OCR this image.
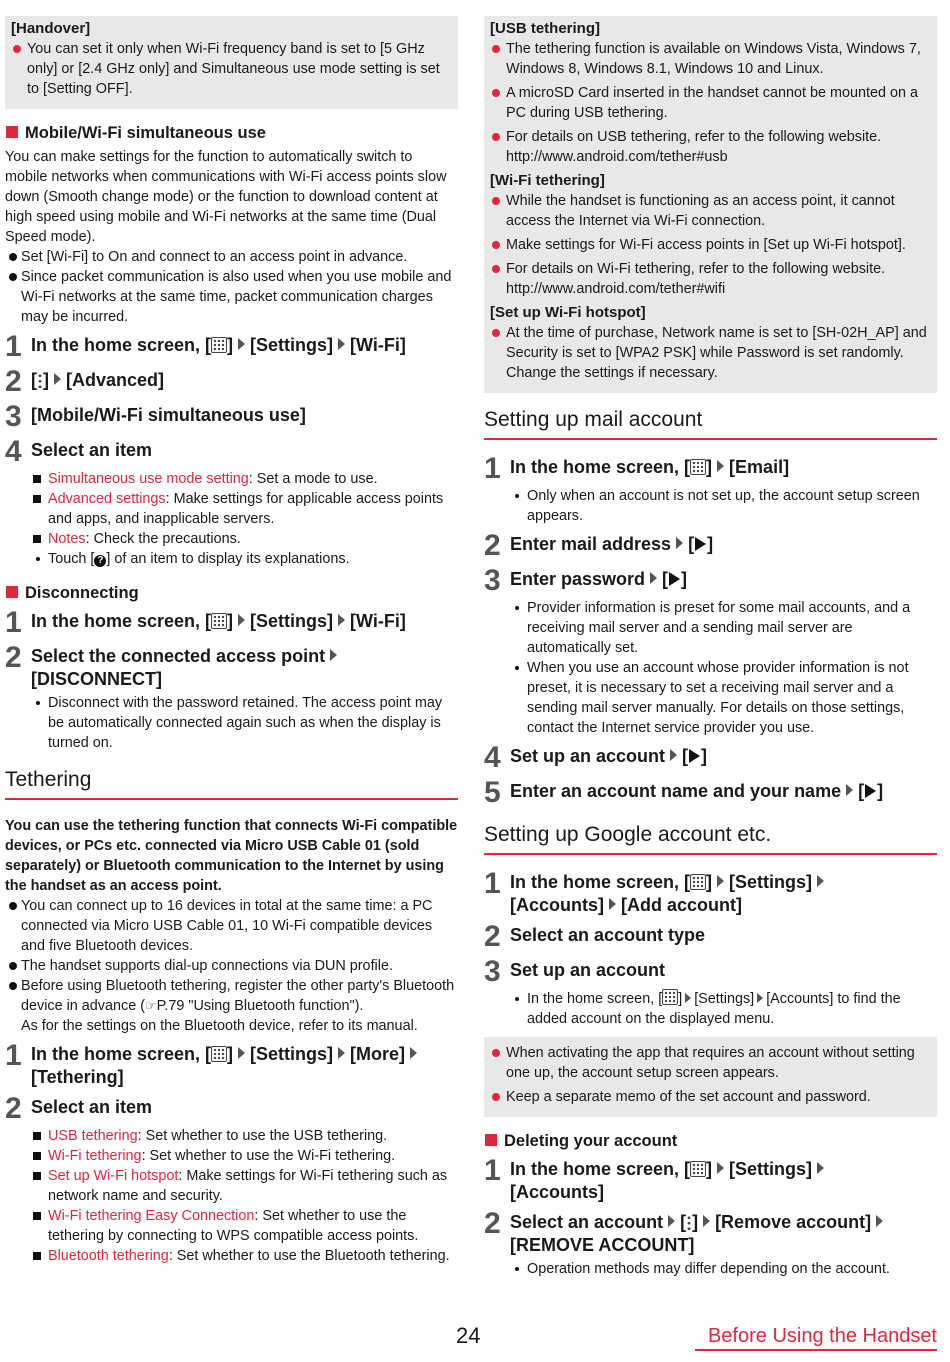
[Handover]
You can set it only when Wi-Fi frequency band is set to [5 GHz only] or [2.4 GHz only] and Simultaneous use mode setting is set to [Setting OFF].
Mobile/Wi-Fi simultaneous use
You can make settings for the function to automatically switch to mobile networks when communications with Wi-Fi access points slow down (Smooth change mode) or the function to download content at high speed using mobile and Wi-Fi networks at the same time (Dual Speed mode).
Set [Wi-Fi] to On and connect to an access point in advance.
Since packet communication is also used when you use mobile and Wi-Fi networks at the same time, packet communication charges may be incurred.
1 In the home screen, [ ] [Settings] [Wi-Fi]
2 [ ] [Advanced]
3 [Mobile/Wi-Fi simultaneous use]
4 Select an item
Simultaneous use mode setting: Set a mode to use.
Advanced settings: Make settings for applicable access points and apps, and inapplicable servers.
Notes: Check the precautions.
Touch [ ? ] of an item to display its explanations.
Disconnecting
1 In the home screen, [ ] [Settings] [Wi-Fi]
2 Select the connected access point
[DISCONNECT]
Disconnect with the password retained. The access point may be automatically connected again such as when the display is turned on.
Tethering
You can use the tethering function that connects Wi-Fi compatible devices, or PCs etc. connected via Micro USB Cable 01 (sold separately) or Bluetooth communication to the Internet by using the handset as an access point.
You can connect up to 16 devices in total at the same time: a PC connected via Micro USB Cable 01, 10 Wi-Fi compatible devices and five Bluetooth devices.
The handset supports dial-up connections via DUN profile.
Before using Bluetooth tethering, register the other party's Bluetooth device in advance (☞P.79 "Using Bluetooth function").
As for the settings on the Bluetooth device, refer to its manual.
1 In the home screen, [ ] [Settings] [More]
[Tethering]
2 Select an item
USB tethering: Set whether to use the USB tethering.
Wi-Fi tethering: Set whether to use the Wi-Fi tethering.
Set up Wi-Fi hotspot: Make settings for Wi-Fi tethering such as network name and security.
Wi-Fi tethering Easy Connection: Set whether to use the tethering by connecting to WPS compatible access points.
Bluetooth tethering: Set whether to use the Bluetooth tethering.
[USB tethering]
The tethering function is available on Windows Vista, Windows 7, Windows 8, Windows 8.1, Windows 10 and Linux.
A microSD Card inserted in the handset cannot be mounted on a PC during USB tethering.
For details on USB tethering, refer to the following website. http://www.android.com/tether#usb
[Wi-Fi tethering]
While the handset is functioning as an access point, it cannot access the Internet via Wi-Fi connection.
Make settings for Wi-Fi access points in [Set up Wi-Fi hotspot].
For details on Wi-Fi tethering, refer to the following website. http://www.android.com/tether#wifi
[Set up Wi-Fi hotspot]
At the time of purchase, Network name is set to [SH-02H_AP] and Security is set to [WPA2 PSK] while Password is set randomly. Change the settings if necessary.
Setting up mail account
1 In the home screen, [ ] [Email]
Only when an account is not set up, the account setup screen appears.
2 Enter mail address [ ]
3 Enter password [ ]
Provider information is preset for some mail accounts, and a receiving mail server and a sending mail server are automatically set.
When you use an account whose provider information is not preset, it is necessary to set a receiving mail server and a sending mail server manually. For details on those settings, contact the Internet service provider you use.
4 Set up an account [ ]
5 Enter an account name and your name [ ]
Setting up Google account etc.
1 In the home screen, [ ] [Settings]
[Accounts] [Add account]
2 Select an account type
3 Set up an account
In the home screen, [ ] [Settings] [Accounts] to find the added account on the displayed menu.
When activating the app that requires an account without setting one up, the account setup screen appears.
Keep a separate memo of the set account and password.
Deleting your account
1 In the home screen, [ ] [Settings]
[Accounts]
2 Select an account [ ] [Remove account]
[REMOVE ACCOUNT]
Operation methods may differ depending on the account.
24	Before Using the Handset
